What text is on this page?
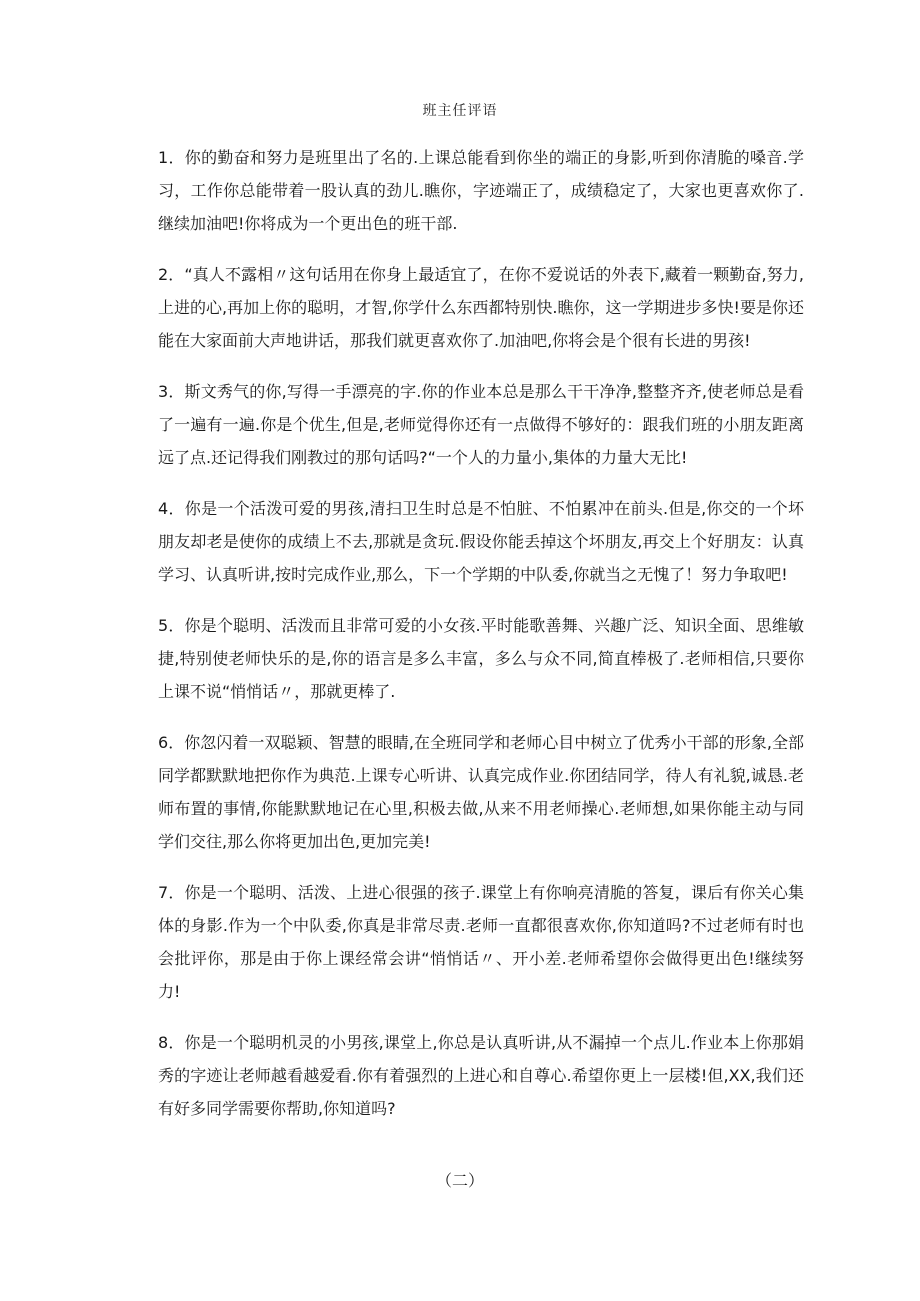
班主任评语

1．你的勤奋和努力是班里出了名的.上课总能看到你坐的端正的身影,听到你清脆的嗓音.学习，工作你总能带着一股认真的劲儿.瞧你，字迹端正了，成绩稳定了，大家也更喜欢你了.继续加油吧!你将成为一个更出色的班干部.

2．“真人不露相〃这句话用在你身上最适宜了，在你不爱说话的外表下,藏着一颗勤奋,努力,上进的心,再加上你的聪明，才智,你学什么东西都特别快.瞧你，这一学期进步多快!要是你还能在大家面前大声地讲话，那我们就更喜欢你了.加油吧,你将会是个很有长进的男孩!

3．斯文秀气的你,写得一手漂亮的字.你的作业本总是那么干干净净,整整齐齐,使老师总是看了一遍有一遍.你是个优生,但是,老师觉得你还有一点做得不够好的：跟我们班的小朋友距离远了点.还记得我们刚教过的那句话吗?“一个人的力量小,集体的力量大无比!

4．你是一个活泼可爱的男孩,清扫卫生时总是不怕脏、不怕累冲在前头.但是,你交的一个坏朋友却老是使你的成绩上不去,那就是贪玩.假设你能丢掉这个坏朋友,再交上个好朋友：认真学习、认真听讲,按时完成作业,那么，下一个学期的中队委,你就当之无愧了！努力争取吧!

5．你是个聪明、活泼而且非常可爱的小女孩.平时能歌善舞、兴趣广泛、知识全面、思维敏捷,特别使老师快乐的是,你的语言是多么丰富，多么与众不同,简直棒极了.老师相信,只要你上课不说“悄悄话〃，那就更棒了.

6．你忽闪着一双聪颖、智慧的眼睛,在全班同学和老师心目中树立了优秀小干部的形象,全部同学都默默地把你作为典范.上课专心听讲、认真完成作业.你团结同学，待人有礼貌,诚恳.老师布置的事情,你能默默地记在心里,积极去做,从来不用老师操心.老师想,如果你能主动与同学们交往,那么你将更加出色,更加完美!

7．你是一个聪明、活泼、上进心很强的孩子.课堂上有你响亮清脆的答复，课后有你关心集体的身影.作为一个中队委,你真是非常尽责.老师一直都很喜欢你,你知道吗?不过老师有时也会批评你，那是由于你上课经常会讲“悄悄话〃、开小差.老师希望你会做得更出色!继续努力!

8．你是一个聪明机灵的小男孩,课堂上,你总是认真听讲,从不漏掉一个点儿.作业本上你那娟秀的字迹让老师越看越爱看.你有着强烈的上进心和自尊心.希望你更上一层楼!但,XX,我们还有好多同学需要你帮助,你知道吗?

（二）
